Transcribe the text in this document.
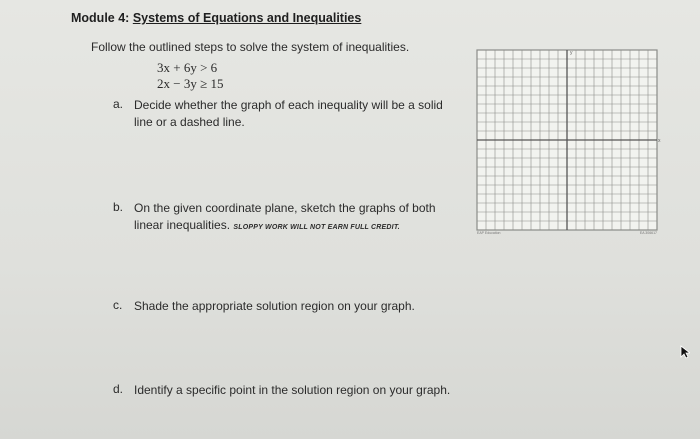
Module 4: Systems of Equations and Inequalities
Follow the outlined steps to solve the system of inequalities.
3x + 6y > 6
2x − 3y ≥ 15
a. Decide whether the graph of each inequality will be a solid
line or a dashed line.
b. On the given coordinate plane, sketch the graphs of both
linear inequalities. SLOPPY WORK WILL NOT EARN FULL CREDIT.
c. Shade the appropriate solution region on your graph.
d. Identify a specific point in the solution region on your graph.
y
x
EAP Education	EA 306617
